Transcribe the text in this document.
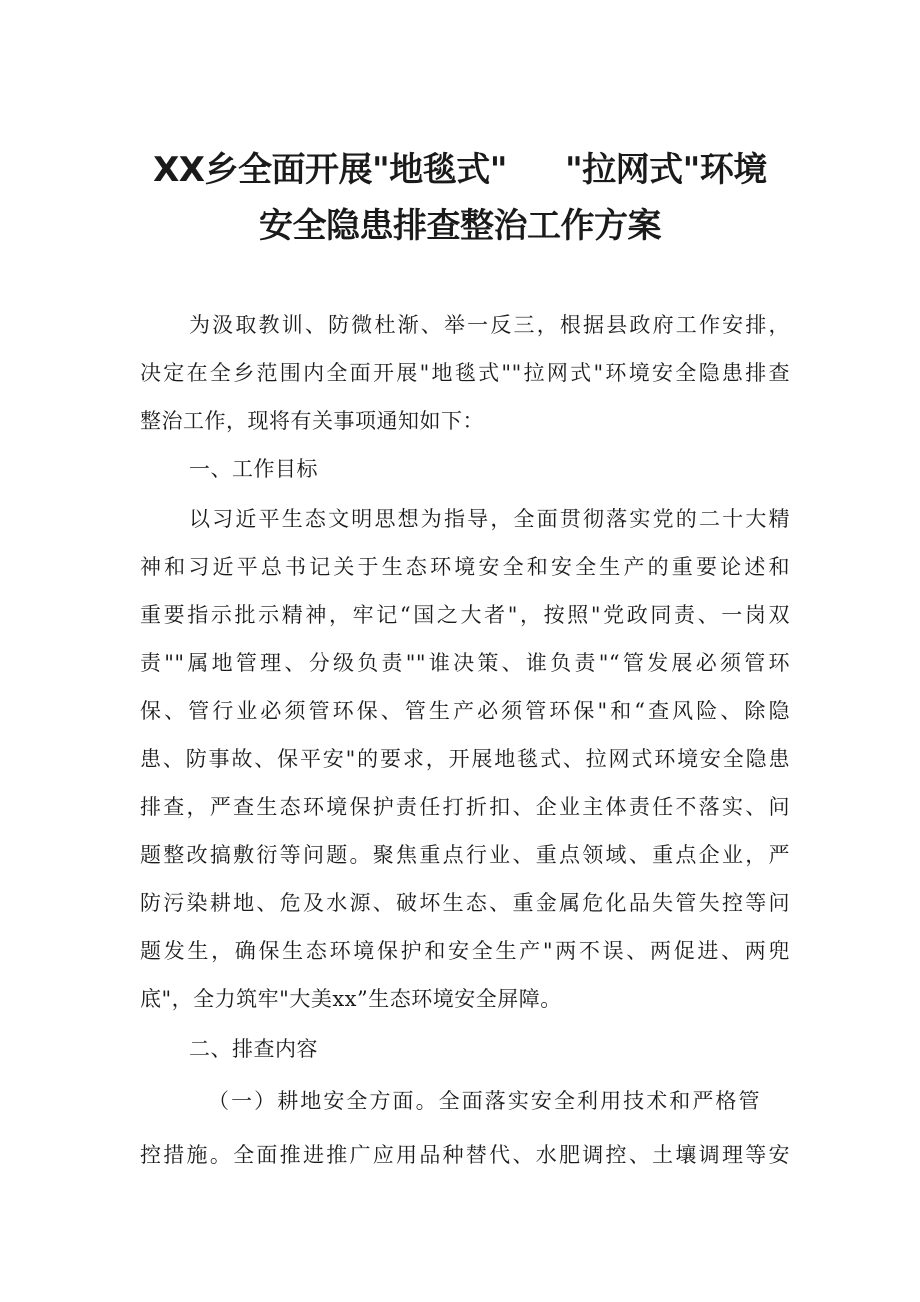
XX乡全面开展"地毯式" "拉网式"环境
安全隐患排查整治工作方案
为汲取教训、防微杜渐、举一反三，根据县政府工作安排，
决定在全乡范围内全面开展"地毯式""拉网式"环境安全隐患排查
整治工作，现将有关事项通知如下：
一、工作目标
以习近平生态文明思想为指导，全面贯彻落实党的二十大精
神和习近平总书记关于生态环境安全和安全生产的重要论述和
重要指示批示精神，牢记“国之大者"，按照"党政同责、一岗双
责""属地管理、分级负责""谁决策、谁负责"“管发展必须管环
保、管行业必须管环保、管生产必须管环保"和“查风险、除隐
患、防事故、保平安"的要求，开展地毯式、拉网式环境安全隐患
排查，严查生态环境保护责任打折扣、企业主体责任不落实、问
题整改搞敷衍等问题。聚焦重点行业、重点领域、重点企业，严
防污染耕地、危及水源、破坏生态、重金属危化品失管失控等问
题发生，确保生态环境保护和安全生产"两不误、两促进、两兜
底"，全力筑牢"大美xx”生态环境安全屏障。
二、排查内容
（一）耕地安全方面。全面落实安全利用技术和严格管
控措施。全面推进推广应用品种替代、水肥调控、土壤调理等安
